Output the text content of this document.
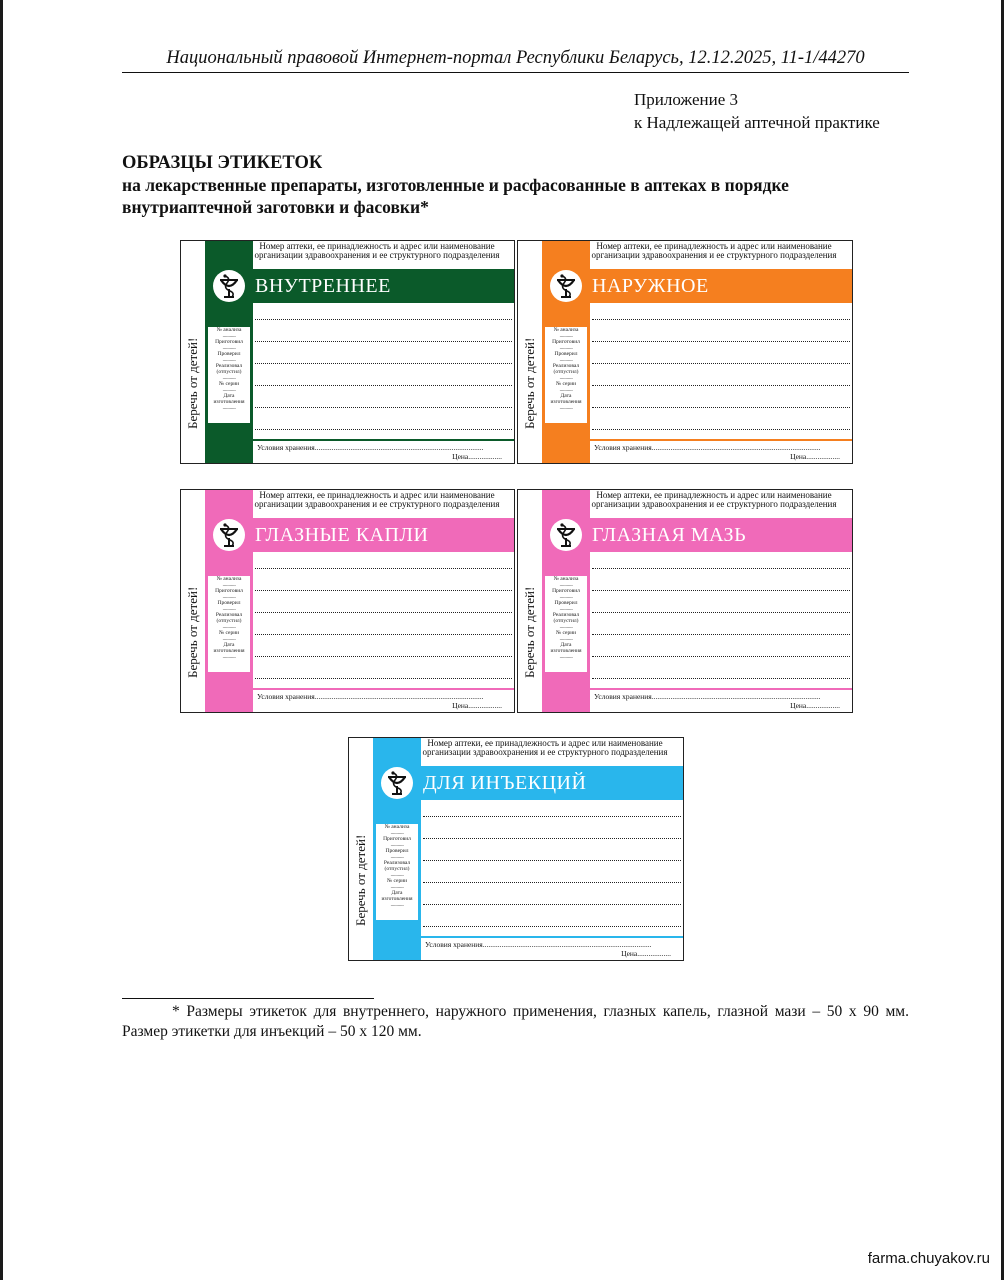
Национальный правовой Интернет-портал Республики Беларусь, 12.12.2025, 11-1/44270
Приложение 3
к Надлежащей аптечной практике
ОБРАЗЦЫ ЭТИКЕТОК
на лекарственные препараты, изготовленные и расфасованные в аптеках в порядке внутриаптечной заготовки и фасовки*
Номер аптеки, ее принадлежность и адрес или наименование организации здравоохранения и ее структурного подразделения
ВНУТРЕННЕЕ
Беречь от детей!
№ анализа
...............
Приготовил
...............
Проверил
...............
Реализовал (отпустил)
...............
№ серии
...............
Дата изготовления
...............
Условия хранения..........................................................................................
Цена..................
Номер аптеки, ее принадлежность и адрес или наименование организации здравоохранения и ее структурного подразделения
НАРУЖНОЕ
Беречь от детей!
№ анализа
...............
Приготовил
...............
Проверил
...............
Реализовал (отпустил)
...............
№ серии
...............
Дата изготовления
...............
Условия хранения..........................................................................................
Цена..................
Номер аптеки, ее принадлежность и адрес или наименование организации здравоохранения и ее структурного подразделения
ГЛАЗНЫЕ КАПЛИ
Беречь от детей!
№ анализа
...............
Приготовил
...............
Проверил
...............
Реализовал (отпустил)
...............
№ серии
...............
Дата изготовления
...............
Условия хранения..........................................................................................
Цена..................
Номер аптеки, ее принадлежность и адрес или наименование организации здравоохранения и ее структурного подразделения
ГЛАЗНАЯ МАЗЬ
Беречь от детей!
№ анализа
...............
Приготовил
...............
Проверил
...............
Реализовал (отпустил)
...............
№ серии
...............
Дата изготовления
...............
Условия хранения..........................................................................................
Цена..................
Номер аптеки, ее принадлежность и адрес или наименование организации здравоохранения и ее структурного подразделения
ДЛЯ ИНЪЕКЦИЙ
Беречь от детей!
№ анализа
...............
Приготовил
...............
Проверил
...............
Реализовал (отпустил)
...............
№ серии
...............
Дата изготовления
...............
Условия хранения..........................................................................................
Цена..................
* Размеры этикеток для внутреннего, наружного применения, глазных капель, глазной мази – 50 x 90 мм. Размер этикетки для инъекций – 50 x 120 мм.
farma.chuyakov.ru
